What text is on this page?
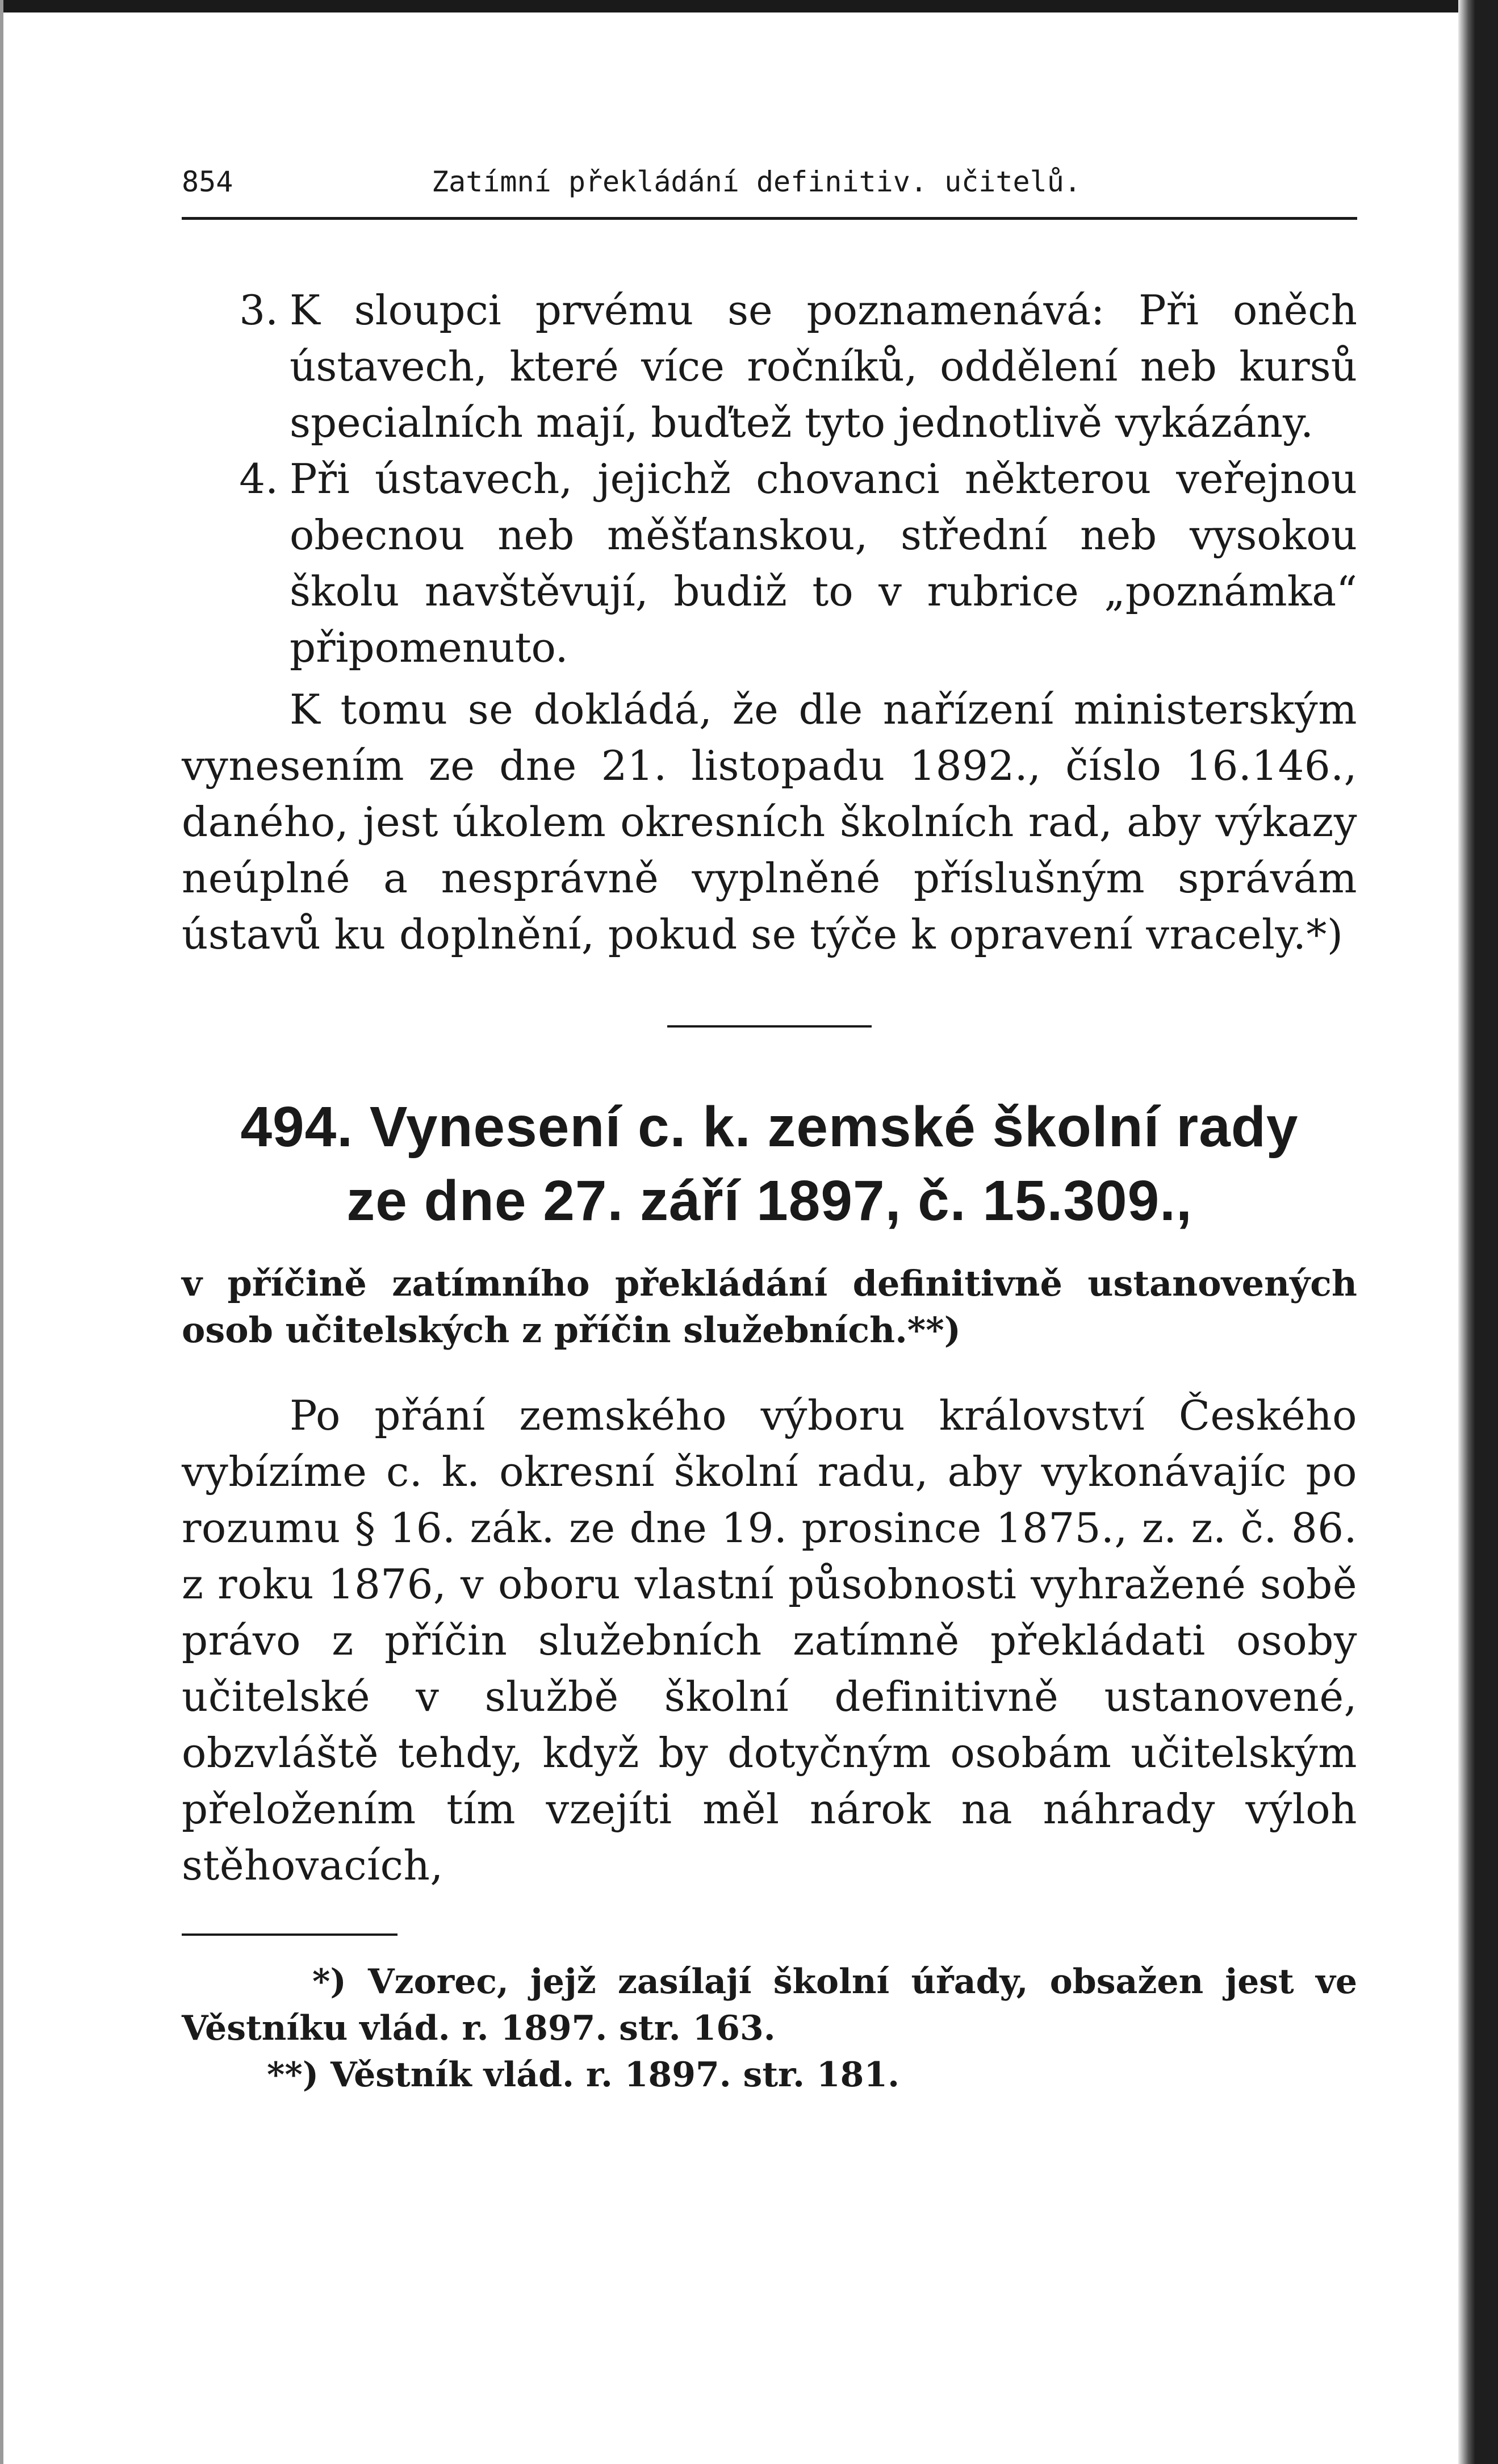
854	Zatímní překládání definitiv. učitelů.
3. K sloupci prvému se poznamenává: Při oněch ústavech, které více ročníků, oddělení neb kursů specialních mají, buďtež tyto jednotlivě vykázány.
4. Při ústavech, jejichž chovanci některou veřejnou obecnou neb měšťanskou, střední neb vysokou školu navštěvují, budiž to v rubrice „poznámka“ připomenuto.

K tomu se dokládá, že dle nařízení ministerským vynesením ze dne 21. listopadu 1892., číslo 16.146., daného, jest úkolem okresních školních rad, aby výkazy neúplné a nesprávně vyplněné příslušným správám ústavů ku doplnění, pokud se týče k opravení vracely.*)

494. Vynesení c. k. zemské školní rady

ze dne 27. září 1897, č. 15.309.,

v příčině zatímního překládání definitivně ustanovených osob učitelských z příčin služebních.**)

Po přání zemského výboru království Českého vybízíme c. k. okresní školní radu, aby vykonávajíc po rozumu § 16. zák. ze dne 19. prosince 1875., z. z. č. 86. z roku 1876, v oboru vlastní působnosti vyhražené sobě právo z příčin služebních zatímně překládati osoby učitelské v službě školní definitivně ustanovené, obzvláště tehdy, když by dotyčným osobám učitelským přeložením tím vzejíti měl nárok na náhrady výloh stěhovacích,

*) Vzorec, jejž zasílají školní úřady, obsažen jest ve Věstníku vlád. r. 1897. str. 163.

**) Věstník vlád. r. 1897. str. 181.
